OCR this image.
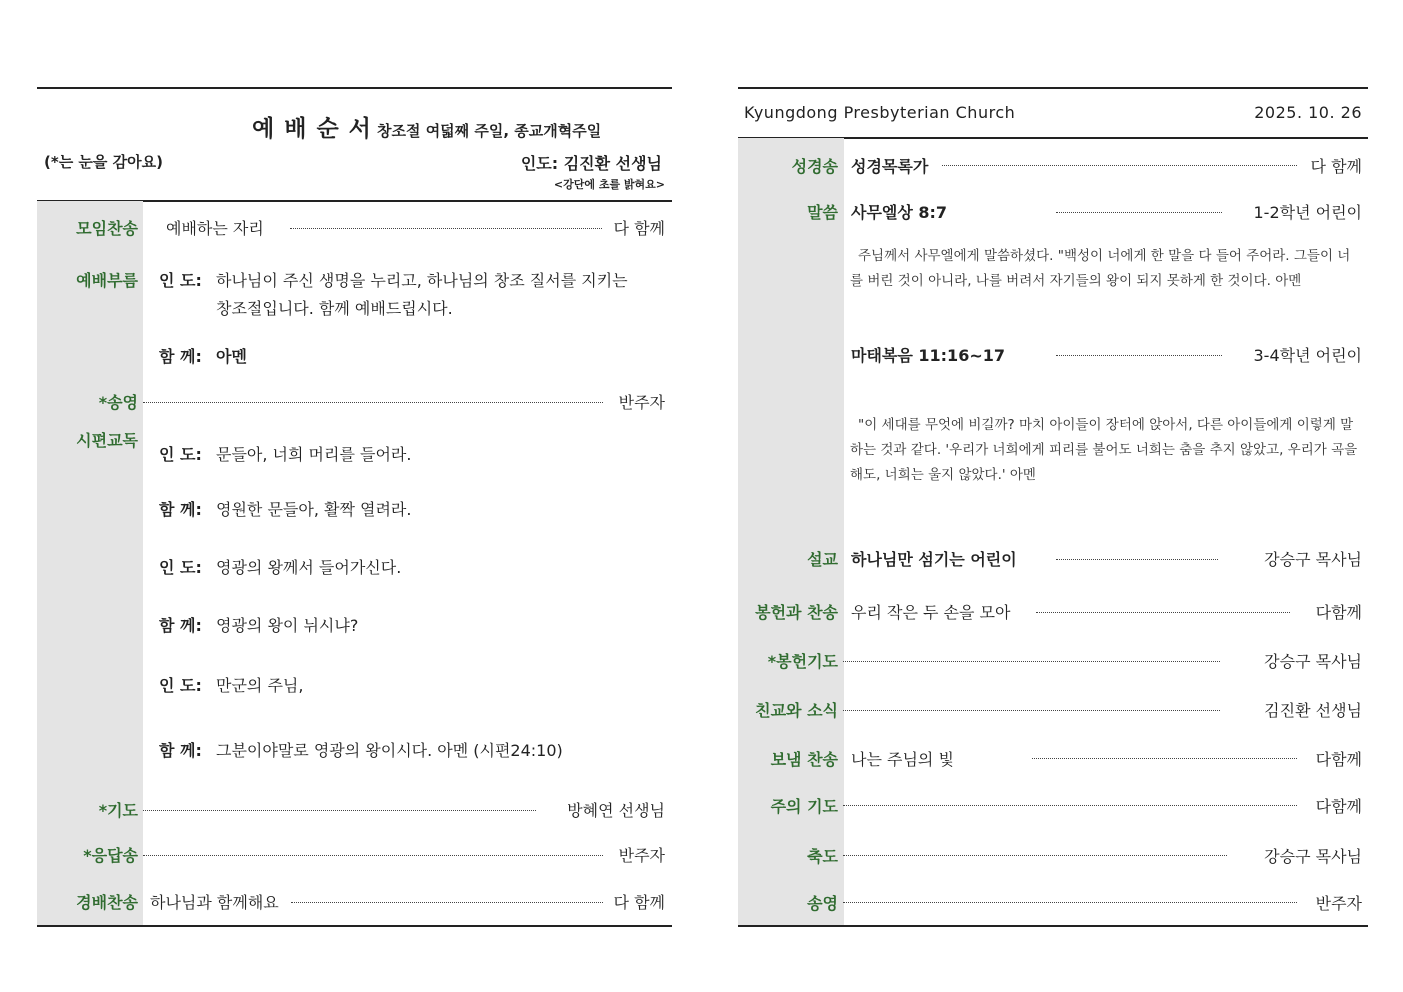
예 배 순 서 창조절 여덟째 주일, 종교개혁주일
(*는 눈을 감아요)	인도: 김진환 선생님
<강단에 초를 밝혀요>
모임찬송 예배하는 자리	다 함께
예배부름 인 도: 하나님이 주신 생명을 누리고, 하나님의 창조 질서를 지키는
창조절입니다. 함께 예배드립시다.
함 께: 아멘
*송영	반주자
시편교독
인 도: 문들아, 너희 머리를 들어라.
함 께: 영원한 문들아, 활짝 열려라.
인 도: 영광의 왕께서 들어가신다.
함 께: 영광의 왕이 뉘시냐?
인 도: 만군의 주님,
함 께: 그분이야말로 영광의 왕이시다. 아멘 (시편24:10)
*기도	방혜연 선생님
*응답송	반주자
경배찬송 하나님과 함께해요	다 함께
Kyungdong Presbyterian Church	2025. 10. 26
성경송 성경목록가	다 함께
말씀 사무엘상 8:7	1-2학년 어린이
주님께서 사무엘에게 말씀하셨다. "백성이 너에게 한 말을 다 들어 주어라. 그들이 너를 버린 것이 아니라, 나를 버려서 자기들의 왕이 되지 못하게 한 것이다. 아멘
마태복음 11:16~17	3-4학년 어린이
"이 세대를 무엇에 비길까? 마치 아이들이 장터에 앉아서, 다른 아이들에게 이렇게 말하는 것과 같다. '우리가 너희에게 피리를 불어도 너희는 춤을 추지 않았고, 우리가 곡을 해도, 너희는 울지 않았다.' 아멘
설교 하나님만 섬기는 어린이	강승구 목사님
봉헌과 찬송 우리 작은 두 손을 모아	다함께
*봉헌기도	강승구 목사님
친교와 소식	김진환 선생님
보냄 찬송 나는 주님의 빛	다함께
주의 기도	다함께
축도	강승구 목사님
송영	반주자
